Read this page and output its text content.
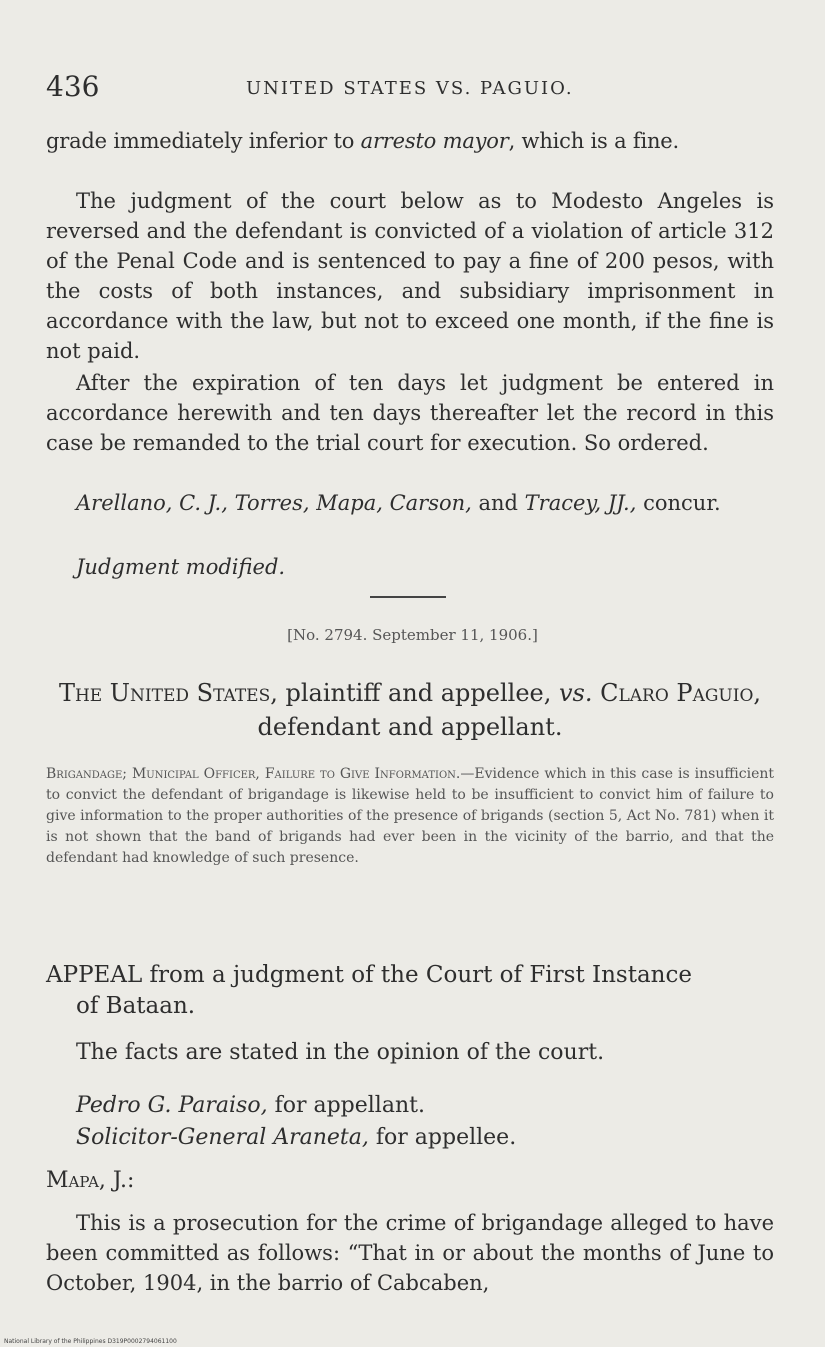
436	UNITED STATES VS. PAGUIO.
grade immediately inferior to arresto mayor, which is a fine.

The judgment of the court below as to Modesto Angeles is reversed and the defendant is convicted of a violation of article 312 of the Penal Code and is sentenced to pay a fine of 200 pesos, with the costs of both instances, and subsidiary imprisonment in accordance with the law, but not to exceed one month, if the fine is not paid.

After the expiration of ten days let judgment be entered in accordance herewith and ten days thereafter let the record in this case be remanded to the trial court for execution. So ordered.

Arellano, C. J., Torres, Mapa, Carson, and Tracey, JJ., concur.
Judgment modified.
[No. 2794. September 11, 1906.]
The United States, plaintiff and appellee, vs. Claro Paguio, defendant and appellant.
Brigandage; Municipal Officer, Failure to Give Information.—Evidence which in this case is insufficient to convict the defendant of brigandage is likewise held to be insufficient to convict him of failure to give information to the proper authorities of the presence of brigands (section 5, Act No. 781) when it is not shown that the band of brigands had ever been in the vicinity of the barrio, and that the defendant had knowledge of such presence.
APPEAL from a judgment of the Court of First Instance
of Bataan.
The facts are stated in the opinion of the court.
Pedro G. Paraiso, for appellant.
Solicitor-General Araneta, for appellee.
Mapa, J.:

This is a prosecution for the crime of brigandage alleged to have been committed as follows: “That in or about the months of June to October, 1904, in the barrio of Cabcaben,

National Library of the Philippines D319P0002794061100
